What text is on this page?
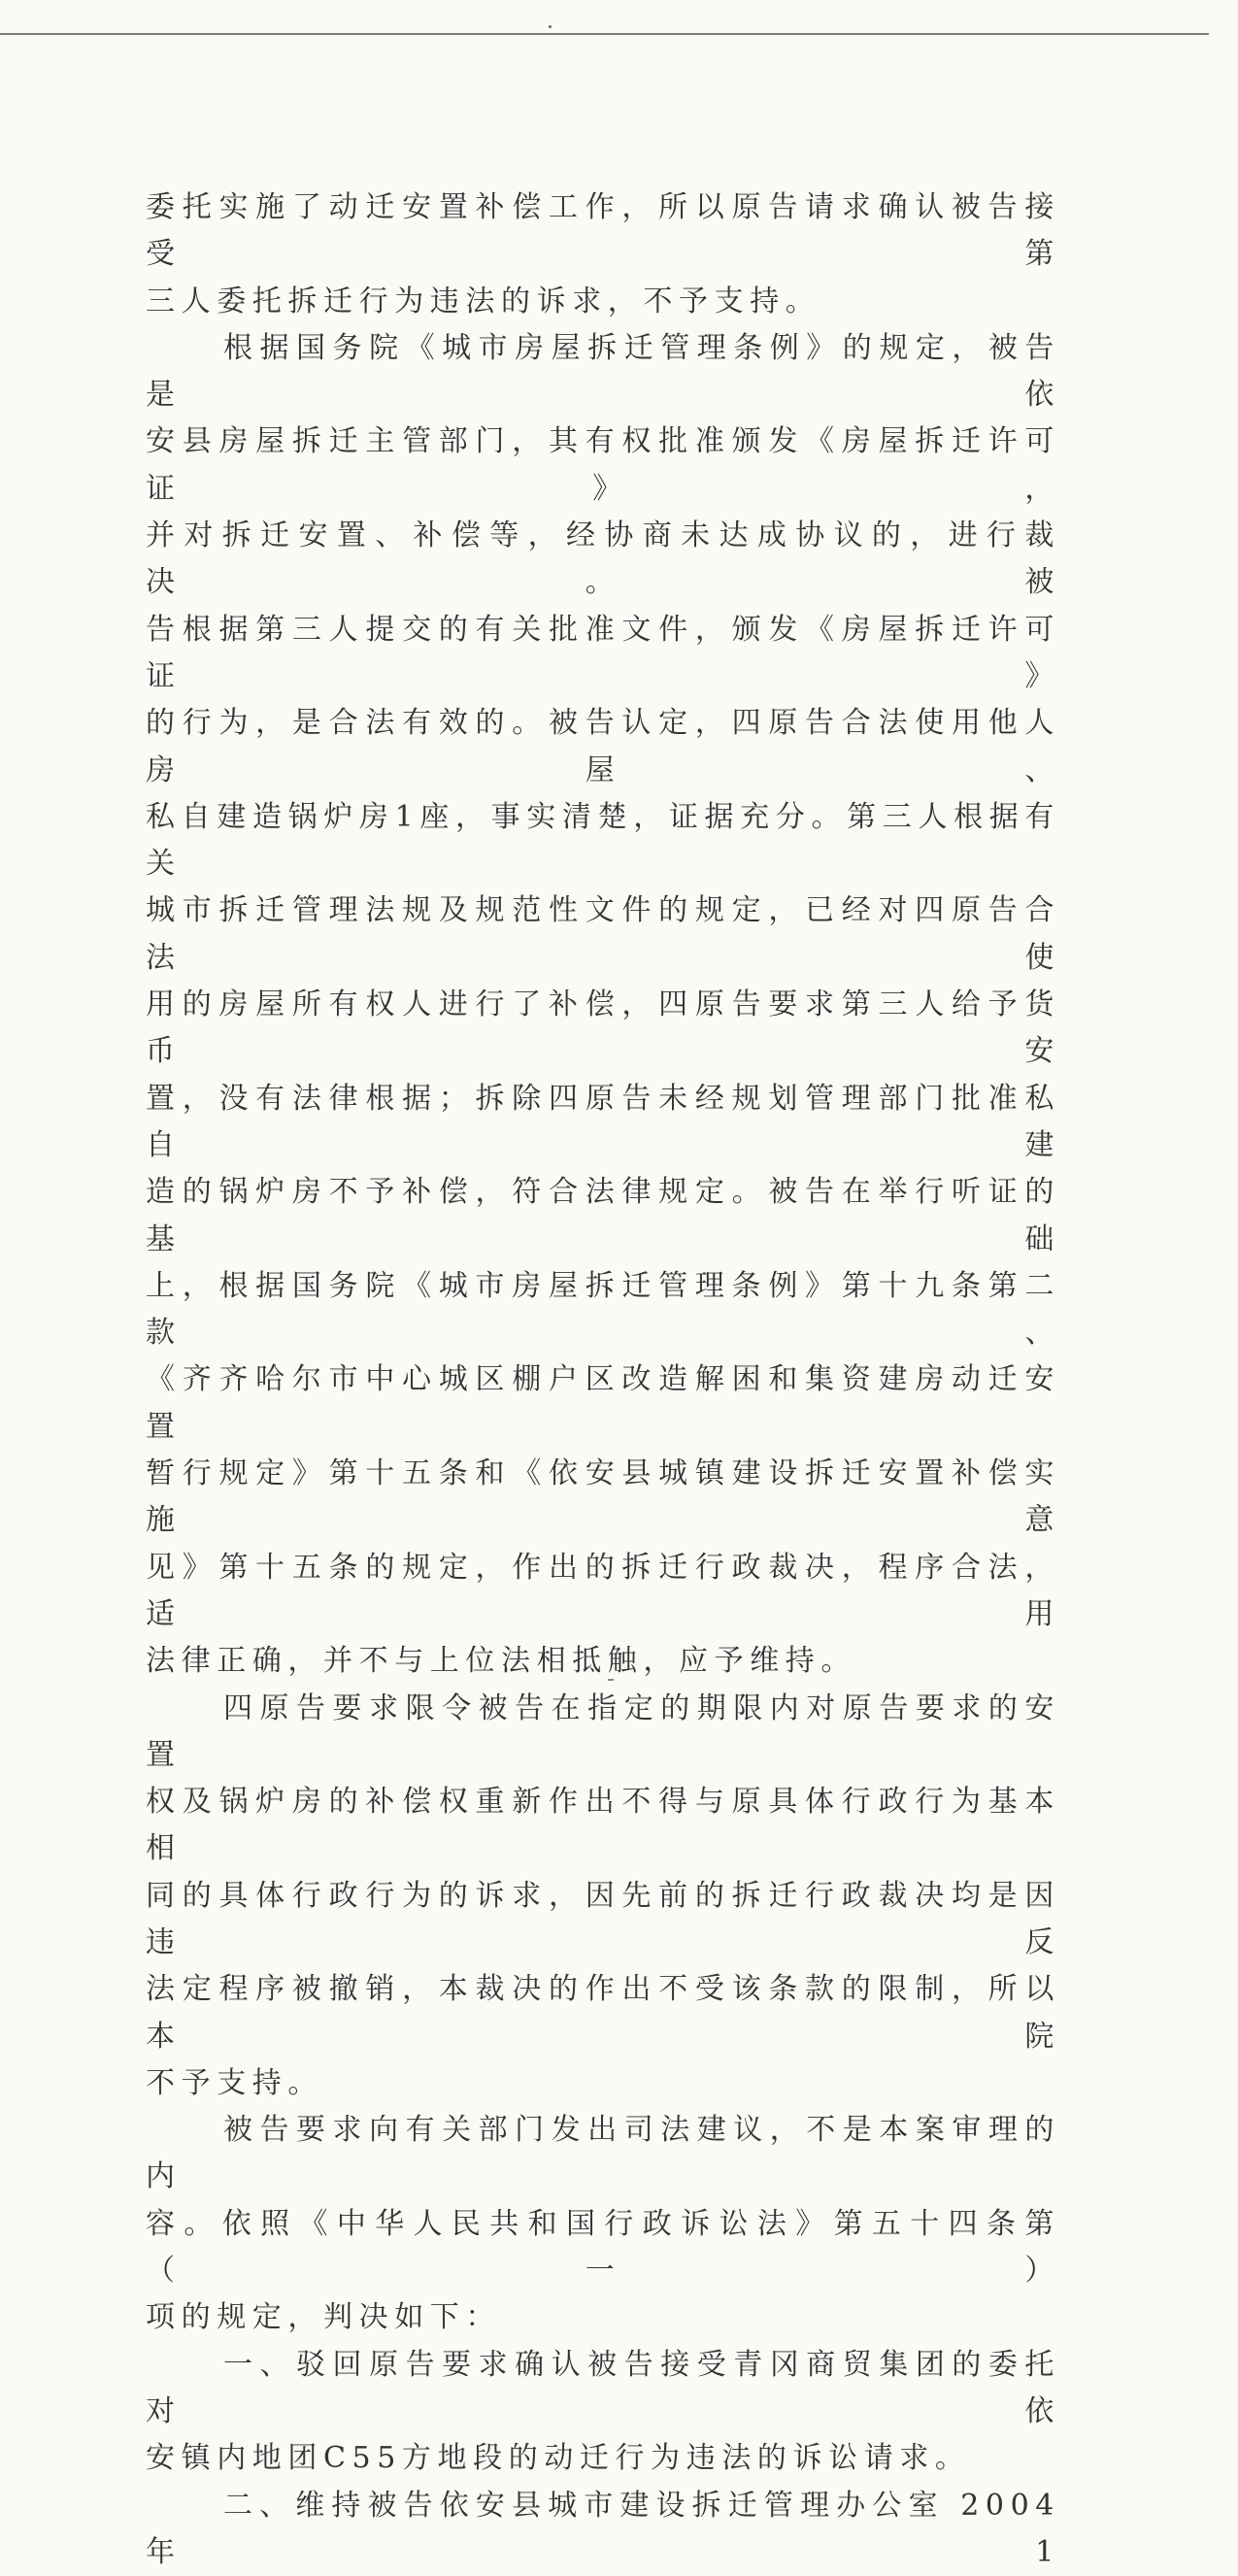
委托实施了动迁安置补偿工作，所以原告请求确认被告接受第

三人委托拆迁行为违法的诉求，不予支持。

根据国务院《城市房屋拆迁管理条例》的规定，被告是依

安县房屋拆迁主管部门，其有权批准颁发《房屋拆迁许可证》，

并对拆迁安置、补偿等，经协商未达成协议的，进行裁决。被

告根据第三人提交的有关批准文件，颁发《房屋拆迁许可证》

的行为，是合法有效的。被告认定，四原告合法使用他人房屋、

私自建造锅炉房1座，事实清楚，证据充分。第三人根据有关

城市拆迁管理法规及规范性文件的规定，已经对四原告合法使

用的房屋所有权人进行了补偿，四原告要求第三人给予货币安

置，没有法律根据；拆除四原告未经规划管理部门批准私自建

造的锅炉房不予补偿，符合法律规定。被告在举行听证的基础

上，根据国务院《城市房屋拆迁管理条例》第十九条第二款、

《齐齐哈尔市中心城区棚户区改造解困和集资建房动迁安置

暂行规定》第十五条和《依安县城镇建设拆迁安置补偿实施意

见》第十五条的规定，作出的拆迁行政裁决，程序合法，适用

法律正确，并不与上位法相抵触，应予维持。

四原告要求限令被告在指定的期限内对原告要求的安置

权及锅炉房的补偿权重新作出不得与原具体行政行为基本相

同的具体行政行为的诉求，因先前的拆迁行政裁决均是因违反

法定程序被撤销，本裁决的作出不受该条款的限制，所以本院

不予支持。

被告要求向有关部门发出司法建议，不是本案审理的内

容。依照《中华人民共和国行政诉讼法》第五十四条第（一）

项的规定，判决如下：

一、驳回原告要求确认被告接受青冈商贸集团的委托对依

安镇内地团C55方地段的动迁行为违法的诉讼请求。

二、维持被告依安县城市建设拆迁管理办公室 2004 年 1
